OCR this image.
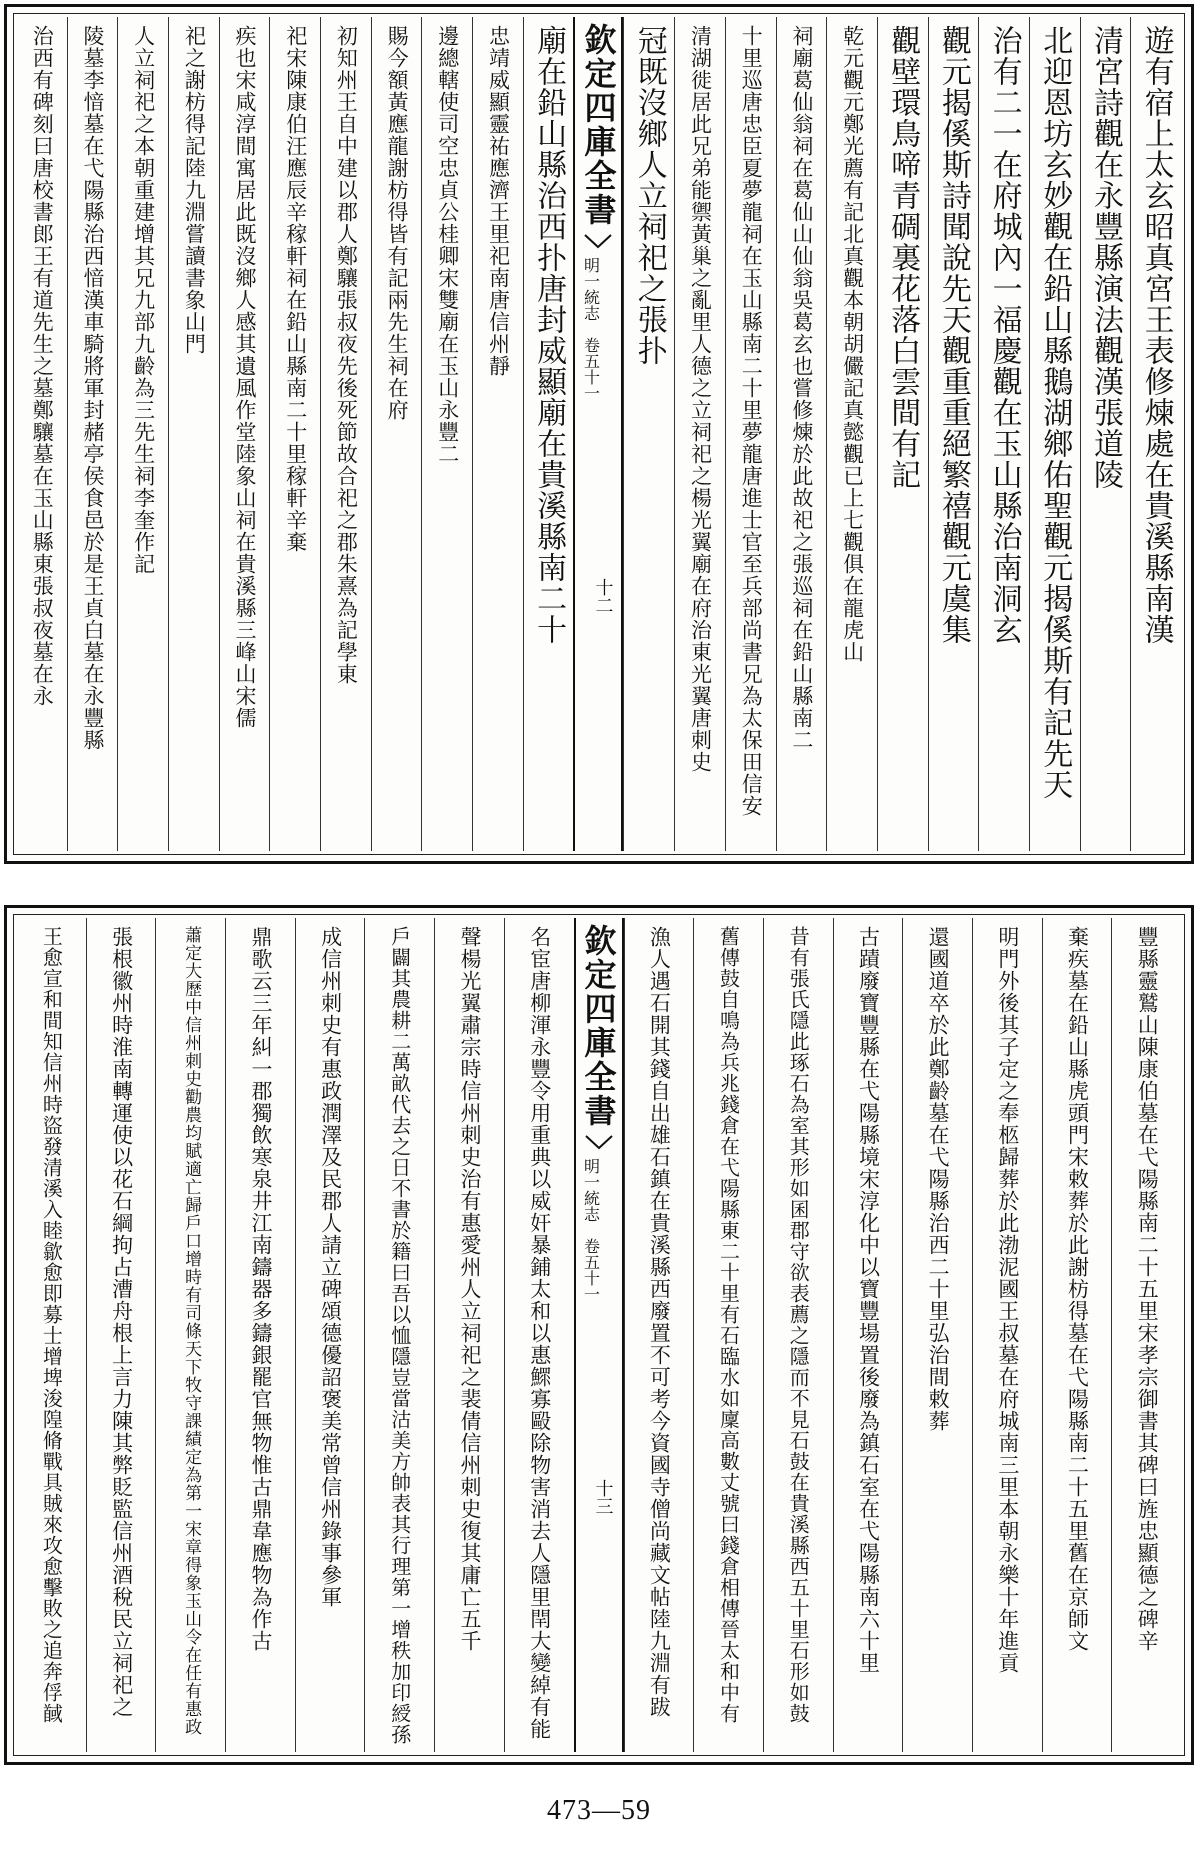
遊有宿上太玄昭真宮王表修煉處在貴溪縣南漢
清宮詩觀在永豐縣演法觀漢張道陵
北迎恩坊玄妙觀在鉛山縣鵝湖鄉佑聖觀元揭傒斯有記先天
治有二一在府城內一福慶觀在玉山縣治南洞玄
觀元揭傒斯詩聞說先天觀重重絕繁禧觀元虞集
觀壁環鳥啼青碉裏花落白雲間有記
乾元觀元鄭光薦有記北真觀本朝胡儼記真懿觀已上七觀俱在龍虎山
祠廟葛仙翁祠在葛仙山仙翁吳葛玄也嘗修煉於此故祀之張巡祠在鉛山縣南二
十里巡唐忠臣夏夢龍祠在玉山縣南二十里夢龍唐進士官至兵部尚書兄為太保田信安
清湖徙居此兄弟能禦黃巢之亂里人德之立祠祀之楊光翼廟在府治東光翼唐刺史
冠既沒鄉人立祠祀之張扑
欽定四庫全書
明一統志　卷五十一
十二
廟在鉛山縣治西扑唐封威顯廟在貴溪縣南二十
忠靖威顯靈祐應濟王里祀南唐信州靜
邊總轄使司空忠貞公桂卿宋雙廟在玉山永豐二
賜今額黃應龍謝枋得皆有記兩先生祠在府
初知州王自中建以郡人鄭驤張叔夜先後死節故合祀之郡朱熹為記學東
祀宋陳康伯汪應辰辛稼軒祠在鉛山縣南二十里稼軒辛棄
疾也宋咸淳間寓居此既沒鄉人感其遺風作堂陸象山祠在貴溪縣三峰山宋儒
祀之謝枋得記陸九淵嘗讀書象山門
人立祠祀之本朝重建增其兄九部九齡為三先生祠李奎作記
陵墓李愔墓在弋陽縣治西愔漢車騎將軍封赭亭侯食邑於是王貞白墓在永豐縣
治西有碑刻曰唐校書郎王有道先生之墓鄭驤墓在玉山縣東張叔夜墓在永
豐縣靈鷲山陳康伯墓在弋陽縣南二十五里宋孝宗御書其碑曰旌忠顯德之碑辛
棄疾墓在鉛山縣虎頭門宋敕葬於此謝枋得墓在弋陽縣南二十五里舊在京師文
明門外後其子定之奉柩歸葬於此渤泥國王叔墓在府城南三里本朝永樂十年進貢
還國道卒於此鄭齡墓在弋陽縣治西二十里弘治間敕葬
古蹟廢寶豐縣在弋陽縣境宋淳化中以寶豐場置後廢為鎮石室在弋陽縣南六十里
昔有張氏隱此琢石為室其形如囷郡守欲表薦之隱而不見石鼓在貴溪縣西五十里石形如鼓
舊傳鼓自鳴為兵兆錢倉在弋陽縣東二十里有石臨水如廩高數丈號曰錢倉相傳晉太和中有
漁人遇石開其錢自出雄石鎮在貴溪縣西廢置不可考今資國寺僧尚藏文帖陸九淵有跋
欽定四庫全書
明一統志　卷五十一
十三
名宦唐柳渾永豐令用重典以威奸暴鋪太和以惠鰥寡毆除物害消去人隱里閈大變綽有能
聲楊光翼肅宗時信州刺史治有惠愛州人立祠祀之裴倩信州刺史復其庸亡五千
戶闢其農耕二萬畝代去之日不書於籍曰吾以恤隱豈當沽美方帥表其行理第一增秩加印綬孫
成信州刺史有惠政潤澤及民郡人請立碑頌德優詔褒美常曾信州錄事參軍
鼎歌云三年糾一郡獨飲寒泉井江南鑄器多鑄銀罷官無物惟古鼎韋應物為作古
蕭定大歷中信州刺史勸農均賦適亡歸戶口增時有司條天下牧守課績定為第一宋章得象玉山令在任有惠政
張根徽州時淮南轉運使以花石綱拘占漕舟根上言力陳其弊貶監信州酒稅民立祠祀之
王愈宣和間知信州時盜發清溪入睦歙愈即募士增埤浚隍脩戰具賊來攻愈擊敗之追奔俘馘
473—59
